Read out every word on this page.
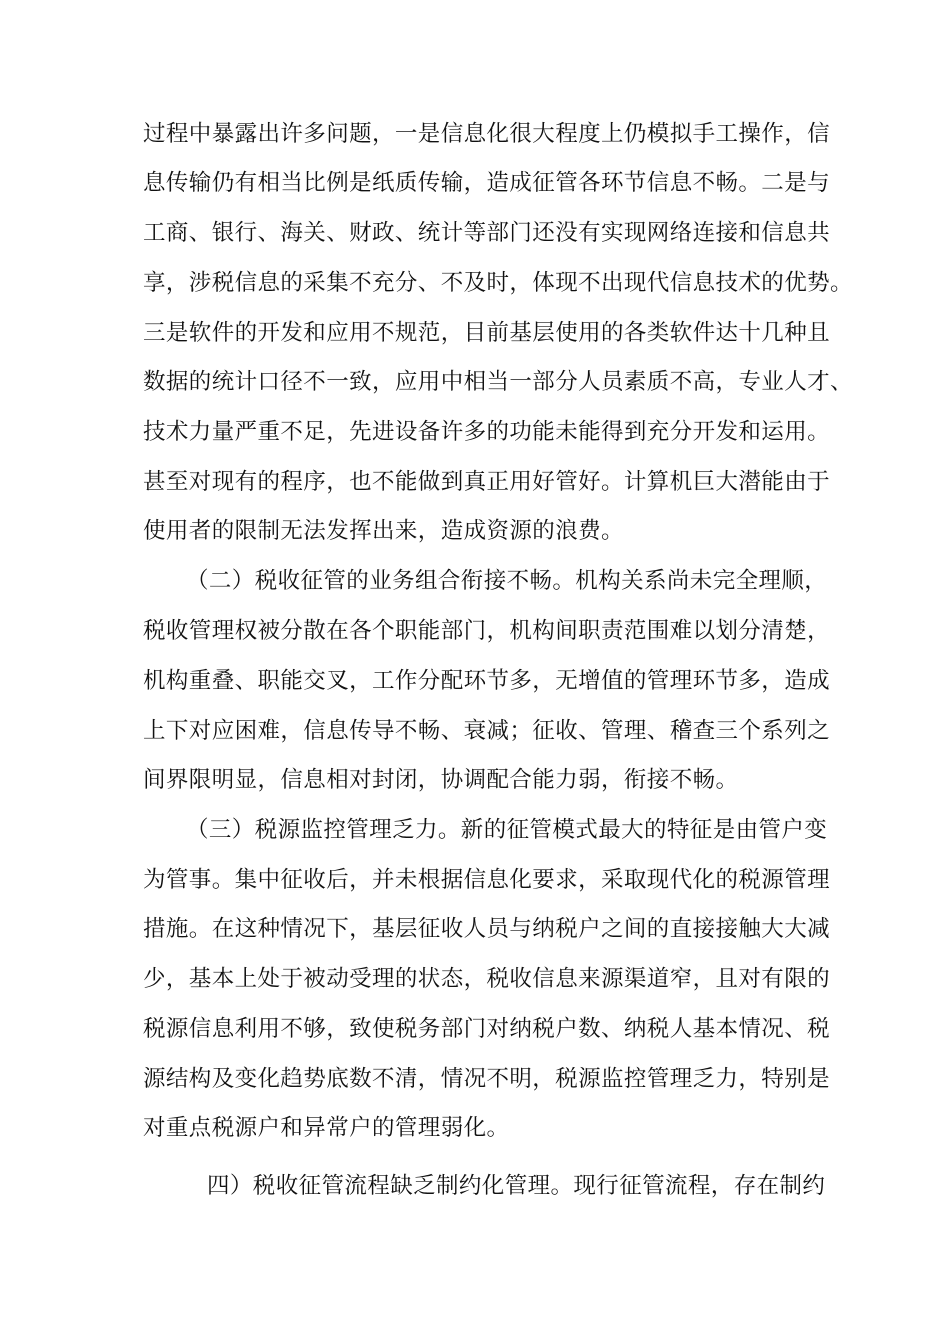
过程中暴露出许多问题，一是信息化很大程度上仍模拟手工操作，信
息传输仍有相当比例是纸质传输，造成征管各环节信息不畅。二是与
工商、银行、海关、财政、统计等部门还没有实现网络连接和信息共
享，涉税信息的采集不充分、不及时，体现不出现代信息技术的优势。
三是软件的开发和应用不规范，目前基层使用的各类软件达十几种且
数据的统计口径不一致，应用中相当一部分人员素质不高，专业人才、
技术力量严重不足，先进设备许多的功能未能得到充分开发和运用。
甚至对现有的程序，也不能做到真正用好管好。计算机巨大潜能由于
使用者的限制无法发挥出来，造成资源的浪费。
（二）税收征管的业务组合衔接不畅。机构关系尚未完全理顺，
税收管理权被分散在各个职能部门，机构间职责范围难以划分清楚，
机构重叠、职能交叉，工作分配环节多，无增值的管理环节多，造成
上下对应困难，信息传导不畅、衰减；征收、管理、稽查三个系列之
间界限明显，信息相对封闭，协调配合能力弱，衔接不畅。
（三）税源监控管理乏力。新的征管模式最大的特征是由管户变
为管事。集中征收后，并未根据信息化要求，采取现代化的税源管理
措施。在这种情况下，基层征收人员与纳税户之间的直接接触大大减
少，基本上处于被动受理的状态，税收信息来源渠道窄，且对有限的
税源信息利用不够，致使税务部门对纳税户数、纳税人基本情况、税
源结构及变化趋势底数不清，情况不明，税源监控管理乏力，特别是
对重点税源户和异常户的管理弱化。
四）税收征管流程缺乏制约化管理。现行征管流程，存在制约
